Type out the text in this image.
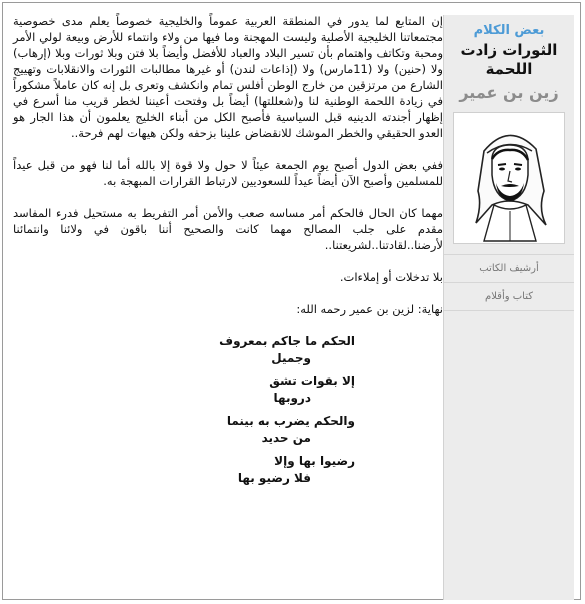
بعض الكلام
الثورات زادت اللحمة
زين بن عمير
أرشيف الكاتب
كتاب وأقلام

إن المتابع لما يدور في المنطقة العربية عموماً والخليجية خصوصاً يعلم مدى خصوصية مجتمعاتنا الخليجية الأصلية وليست المهجنة وما فيها من ولاء وانتماء للأرض وبيعة لولي الأمر ومحبة وتكاتف واهتمام بأن تسير البلاد والعباد للأفضل وأيضاً بلا فتن وبلا ثورات وبلا (إرهاب) ولا (حنين) ولا (11مارس) ولا (إذاعات لندن) أو غيرها مطالبات الثورات والانقلابات وتهييج الشارع من مرتزقين من خارج الوطن أفلس تمام وانكشف وتعرى بل إنه كان عاملاً مشكوراً في زيادة اللحمة الوطنية لنا و(شعللتها) أيضاً بل وفتحت أعيننا لخطر قريب منا أسرع في إظهار أجندته الدينيه قبل السياسية فأصبح الكل من أبناء الخليج يعلمون أن هذا الجار هو العدو الحقيقي والخطر الموشك للانقضاض علينا بزحفه ولكن هيهات لهم فرحة..

ففي بعض الدول أصبح يوم الجمعة عيئاً لا حول ولا قوة إلا بالله أما لنا فهو من قبل عيداً للمسلمين وأصبح الآن أيضاً عيداً للسعوديين لارتباط القرارات المبهجة به.

مهما كان الحال فالحكم أمر مساسه صعب والأمن أمر التفريط به مستحيل فدرء المفاسد مقدم على جلب المصالح مهما كانت والصحيح أننا باقون في ولائنا وانتمائنا لأرضنا..لقادتنا..لشريعتنا..

بلا تدخلات أو إملاءات.

نهاية: لزين بن عمير رحمه الله:

الحكم ما جاكم بمعروف
وجميل
إلا بقوات تشق
دروبها
والحكم يضرب به بينما
من حديد
رضيوا بها وإلا
فلا رضيو بها
